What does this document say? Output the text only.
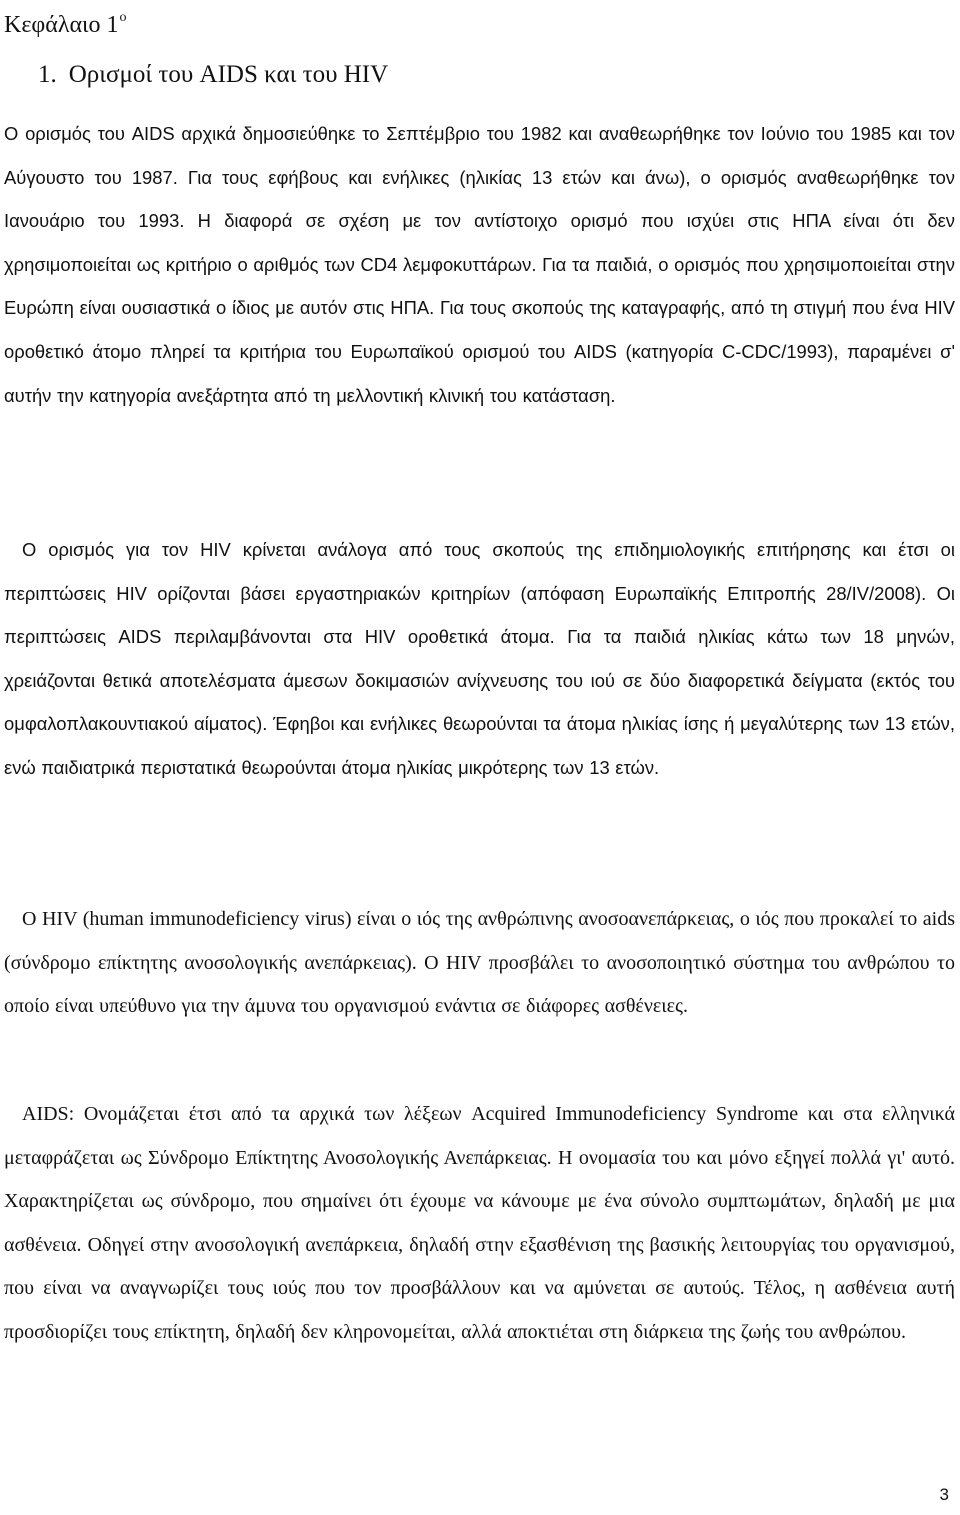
Κεφάλαιο $1^o$
1. Ορισμοί του AIDS και του HIV

Ο ορισμός του AIDS αρχικά δημοσιεύθηκε το Σεπτέμβριο του 1982 και αναθεωρήθηκε τον Ιούνιο του 1985 και τον Αύγουστο του 1987. Για τους εφήβους και ενήλικες (ηλικίας 13 ετών και άνω), ο ορισμός αναθεωρήθηκε τον Ιανουάριο του 1993. Η διαφορά σε σχέση με τον αντίστοιχο ορισμό που ισχύει στις ΗΠΑ είναι ότι δεν χρησιμοποιείται ως κριτήριο ο αριθμός των CD4 λεμφοκυττάρων. Για τα παιδιά, ο ορισμός που χρησιμοποιείται στην Ευρώπη είναι ουσιαστικά ο ίδιος με αυτόν στις ΗΠΑ. Για τους σκοπούς της καταγραφής, από τη στιγμή που ένα HIV οροθετικό άτομο πληρεί τα κριτήρια του Ευρωπαϊκού ορισμού του AIDS (κατηγορία C-CDC/1993), παραμένει σ' αυτήν την κατηγορία ανεξάρτητα από τη μελλοντική κλινική του κατάσταση.

Ο ορισμός για τον HIV κρίνεται ανάλογα από τους σκοπούς της επιδημιολογικής επιτήρησης και έτσι οι περιπτώσεις HIV ορίζονται βάσει εργαστηριακών κριτηρίων (απόφαση Ευρωπαϊκής Επιτροπής 28/IV/2008). Οι περιπτώσεις AIDS περιλαμβάνονται στα HIV οροθετικά άτομα. Για τα παιδιά ηλικίας κάτω των 18 μηνών, χρειάζονται θετικά αποτελέσματα άμεσων δοκιμασιών ανίχνευσης του ιού σε δύο διαφορετικά δείγματα (εκτός του ομφαλοπλακουντιακού αίματος). Έφηβοι και ενήλικες θεωρούνται τα άτομα ηλικίας ίσης ή μεγαλύτερης των 13 ετών, ενώ παιδιατρικά περιστατικά θεωρούνται άτομα ηλικίας μικρότερης των 13 ετών.

Ο HIV (human immunodeficiency virus) είναι ο ιός της ανθρώπινης ανοσοανεπάρκειας, ο ιός που προκαλεί το aids (σύνδρομο επίκτητης ανοσολογικής ανεπάρκειας). Ο HIV προσβάλει το ανοσοποιητικό σύστημα του ανθρώπου το οποίο είναι υπεύθυνο για την άμυνα του οργανισμού ενάντια σε διάφορες ασθένειες.

AIDS: Ονομάζεται έτσι από τα αρχικά των λέξεων Acquired Immunodeficiency Syndrome και στα ελληνικά μεταφράζεται ως Σύνδρομο Επίκτητης Ανοσολογικής Ανεπάρκειας. Η ονομασία του και μόνο εξηγεί πολλά γι' αυτό. Χαρακτηρίζεται ως σύνδρομο, που σημαίνει ότι έχουμε να κάνουμε με ένα σύνολο συμπτωμάτων, δηλαδή με μια ασθένεια. Οδηγεί στην ανοσολογική ανεπάρκεια, δηλαδή στην εξασθένιση της βασικής λειτουργίας του οργανισμού, που είναι να αναγνωρίζει τους ιούς που τον προσβάλλουν και να αμύνεται σε αυτούς. Τέλος, η ασθένεια αυτή προσδιορίζει τους επίκτητη, δηλαδή δεν κληρονομείται, αλλά αποκτιέται στη διάρκεια της ζωής του ανθρώπου.

3
